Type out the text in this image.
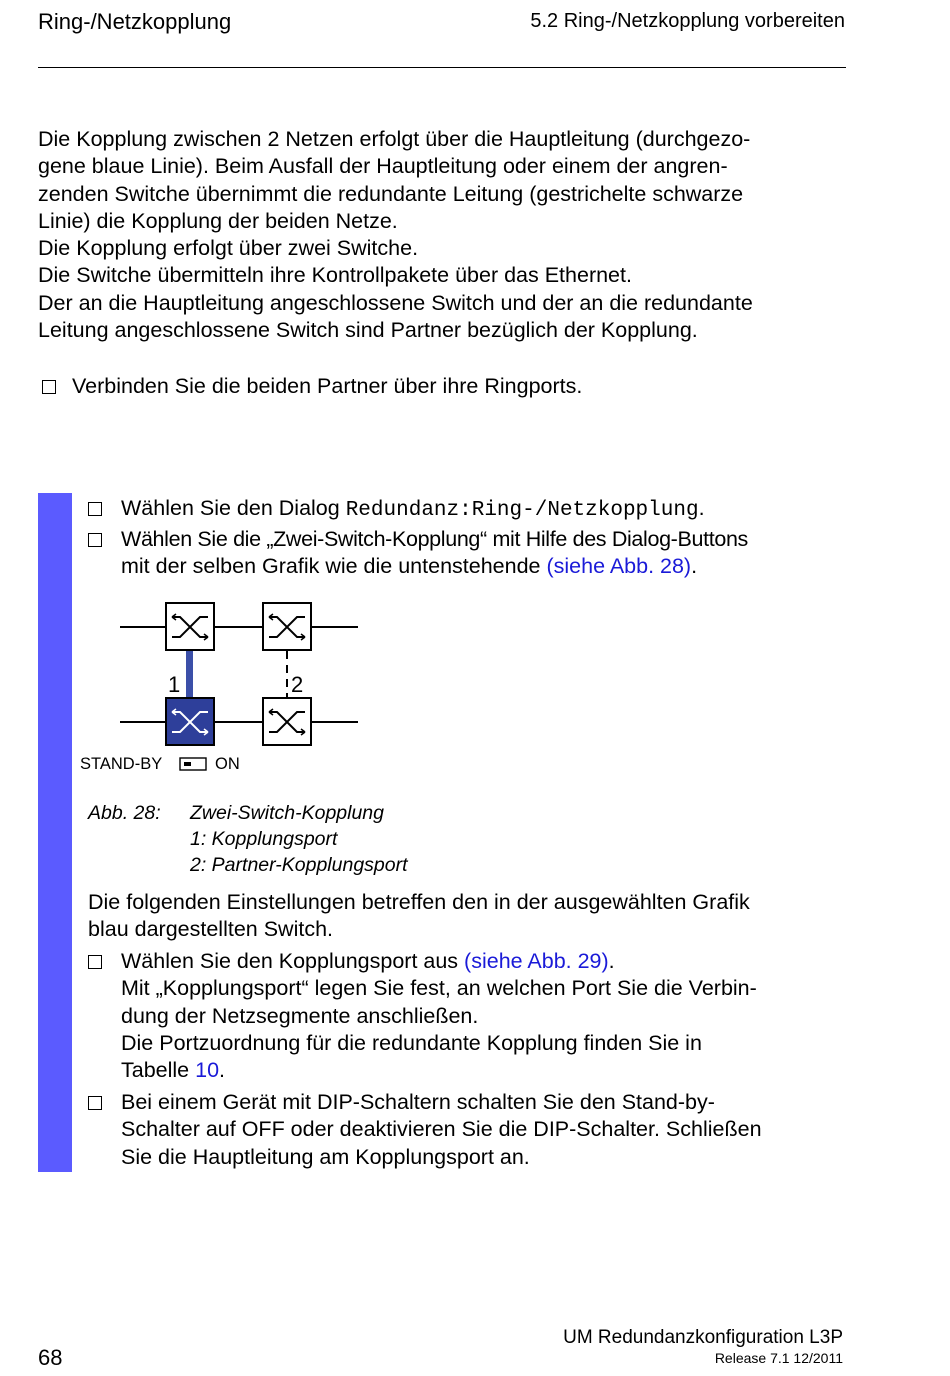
Ring-/Netzkopplung	5.2 Ring-/Netzkopplung vorbereiten

Die Kopplung zwischen 2 Netzen erfolgt über die Hauptleitung (durchgezo-

gene blaue Linie). Beim Ausfall der Hauptleitung oder einem der angren-

zenden Switche übernimmt die redundante Leitung (gestrichelte schwarze

Linie) die Kopplung der beiden Netze.

Die Kopplung erfolgt über zwei Switche.

Die Switche übermitteln ihre Kontrollpakete über das Ethernet.

Der an die Hauptleitung angeschlossene Switch und der an die redundante

Leitung angeschlossene Switch sind Partner bezüglich der Kopplung.

Verbinden Sie die beiden Partner über ihre Ringports.
Wählen Sie den Dialog Redundanz:Ring-/Netzkopplung.
Wählen Sie die „Zwei-Switch-Kopplung“ mit Hilfe des Dialog-Buttons
mit der selben Grafik wie die untenstehende (siehe Abb. 28).
1	2
STAND-BY	ON
Abb. 28: Zwei-Switch-Kopplung
1: Kopplungsport
2: Partner-Kopplungsport

Die folgenden Einstellungen betreffen den in der ausgewählten Grafik

blau dargestellten Switch.

Wählen Sie den Kopplungsport aus (siehe Abb. 29).
Mit „Kopplungsport“ legen Sie fest, an welchen Port Sie die Verbin-
dung der Netzsegmente anschließen.
Die Portzuordnung für die redundante Kopplung finden Sie in
Tabelle 10.
Bei einem Gerät mit DIP-Schaltern schalten Sie den Stand-by-
Schalter auf OFF oder deaktivieren Sie die DIP-Schalter. Schließen
Sie die Hauptleitung am Kopplungsport an.
68
UM Redundanzkonfiguration L3P
Release 7.1 12/2011
